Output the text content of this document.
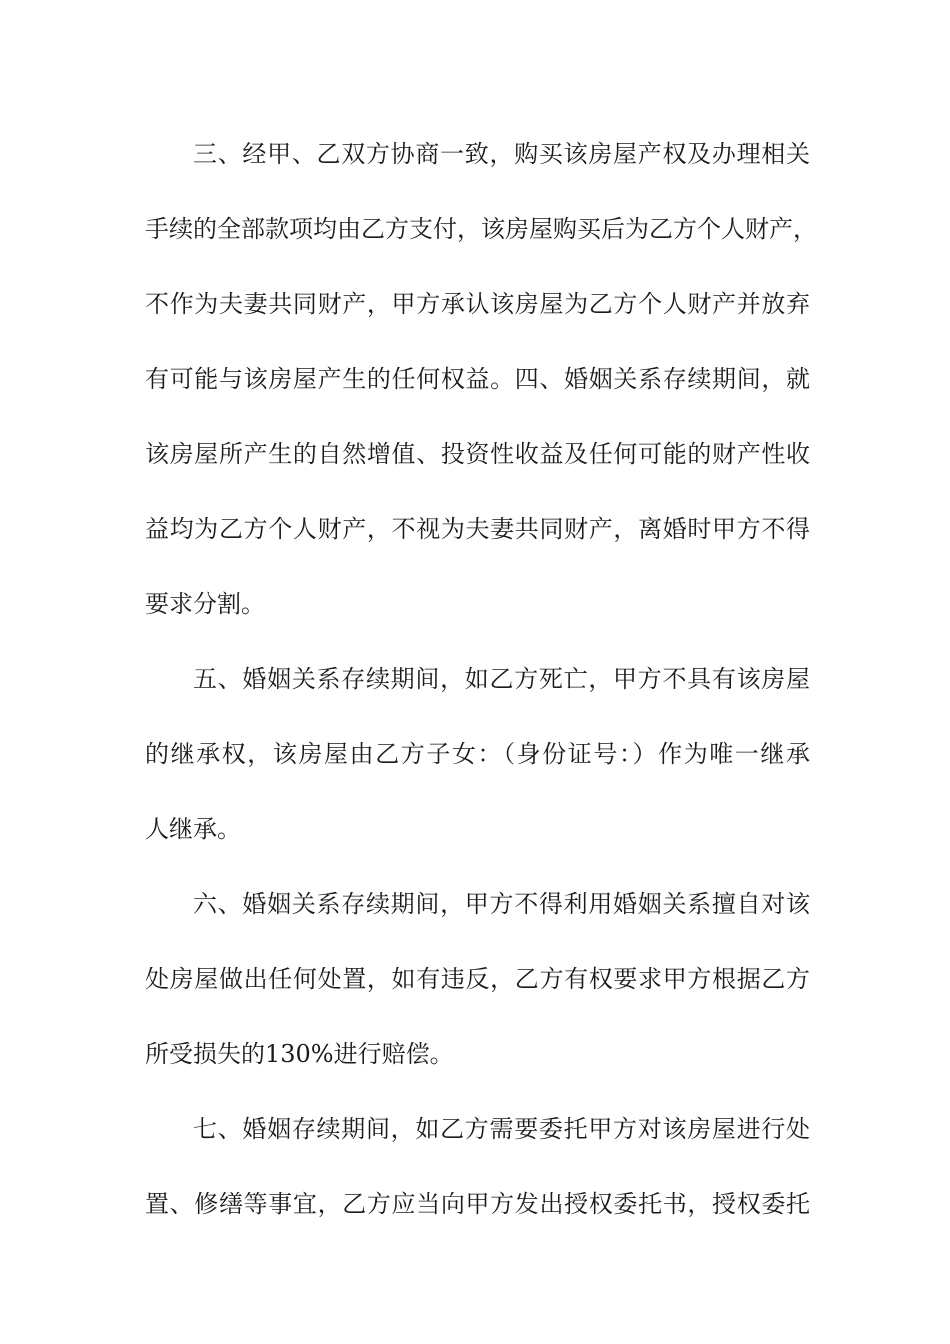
三、经甲、乙双方协商一致，购买该房屋产权及办理相关
手续的全部款项均由乙方支付，该房屋购买后为乙方个人财产，
不作为夫妻共同财产，甲方承认该房屋为乙方个人财产并放弃
有可能与该房屋产生的任何权益。四、婚姻关系存续期间，就
该房屋所产生的自然增值、投资性收益及任何可能的财产性收
益均为乙方个人财产，不视为夫妻共同财产，离婚时甲方不得
要求分割。
五、婚姻关系存续期间，如乙方死亡，甲方不具有该房屋
的继承权，该房屋由乙方子女：（身份证号：）作为唯一继承
人继承。
六、婚姻关系存续期间，甲方不得利用婚姻关系擅自对该
处房屋做出任何处置，如有违反，乙方有权要求甲方根据乙方
所受损失的130%进行赔偿。
七、婚姻存续期间，如乙方需要委托甲方对该房屋进行处
置、修缮等事宜，乙方应当向甲方发出授权委托书，授权委托
